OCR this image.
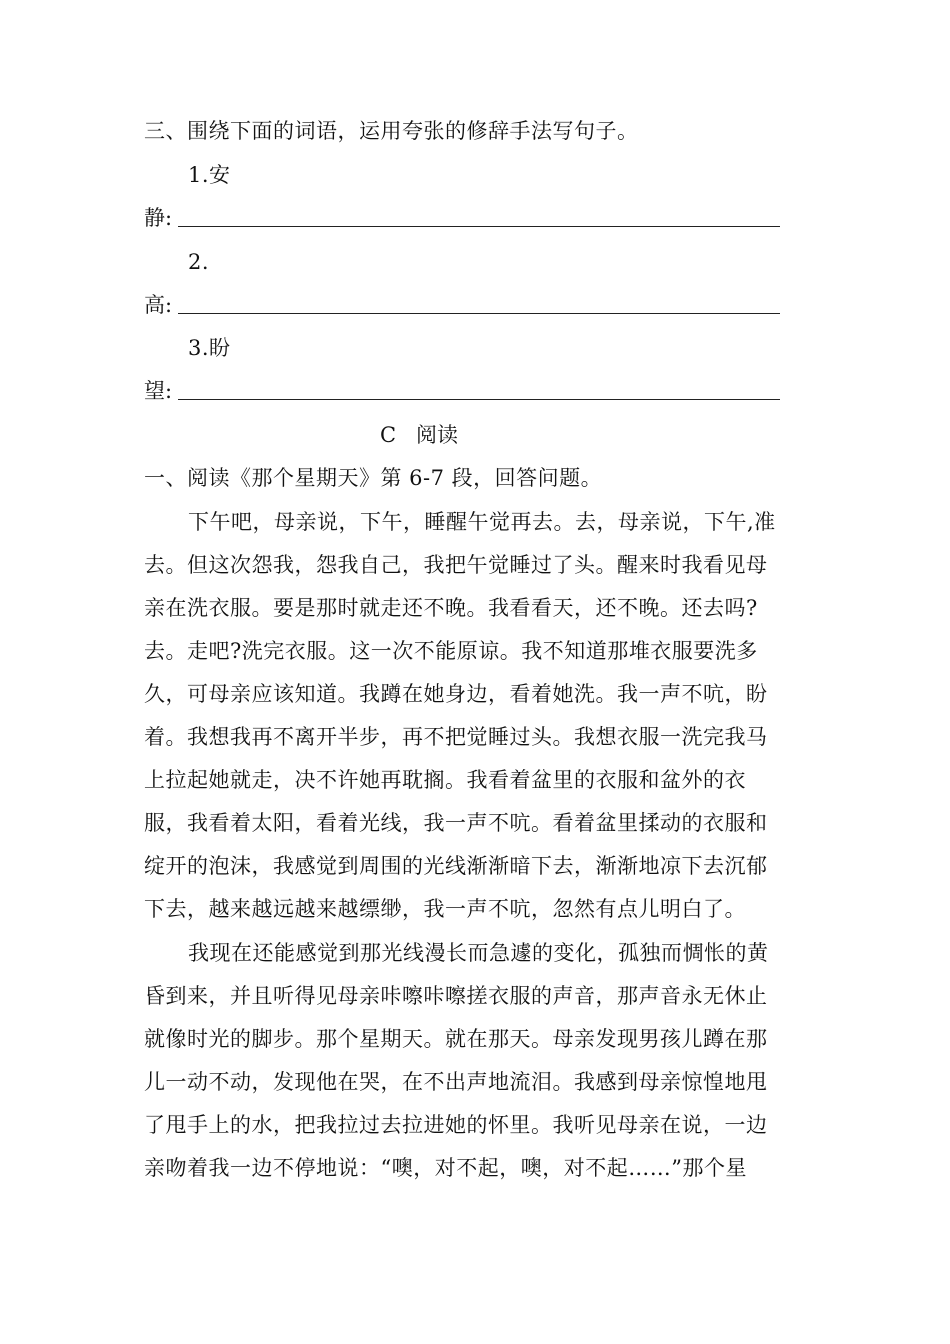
三、围绕下面的词语，运用夸张的修辞手法写句子。
1.安
静:
2.
高:
3.盼
望:
C 阅读
一、阅读《那个星期天》第 6-7 段，回答问题。
下午吧，母亲说，下午，睡醒午觉再去。去，母亲说，下午,准
去。但这次怨我，怨我自己，我把午觉睡过了头。醒来时我看见母
亲在洗衣服。要是那时就走还不晚。我看看天，还不晚。还去吗?
去。走吧?洗完衣服。这一次不能原谅。我不知道那堆衣服要洗多
久，可母亲应该知道。我蹲在她身边，看着她洗。我一声不吭，盼
着。我想我再不离开半步，再不把觉睡过头。我想衣服一洗完我马
上拉起她就走，决不许她再耽搁。我看着盆里的衣服和盆外的衣
服，我看着太阳，看着光线，我一声不吭。看着盆里揉动的衣服和
绽开的泡沫，我感觉到周围的光线渐渐暗下去，渐渐地凉下去沉郁
下去，越来越远越来越缥缈，我一声不吭，忽然有点儿明白了。
我现在还能感觉到那光线漫长而急遽的变化，孤独而惆怅的黄
昏到来，并且听得见母亲咔嚓咔嚓搓衣服的声音，那声音永无休止
就像时光的脚步。那个星期天。就在那天。母亲发现男孩儿蹲在那
儿一动不动，发现他在哭，在不出声地流泪。我感到母亲惊惶地甩
了甩手上的水，把我拉过去拉进她的怀里。我听见母亲在说，一边
亲吻着我一边不停地说：“噢，对不起，噢，对不起……”那个星
